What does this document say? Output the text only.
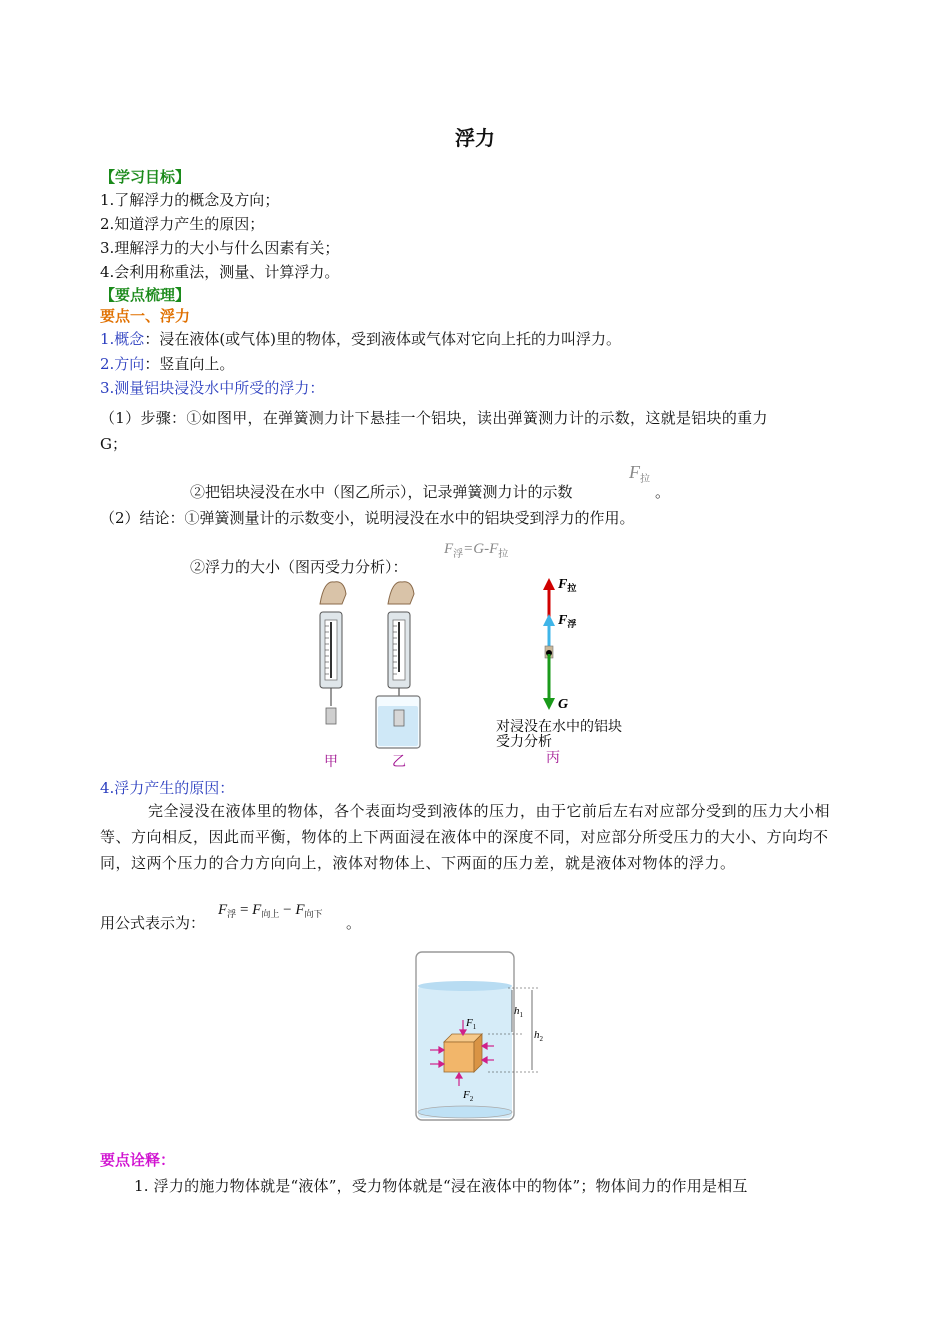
浮力
【学习目标】
1.了解浮力的概念及方向；
2.知道浮力产生的原因；
3.理解浮力的大小与什么因素有关；
4.会利用称重法，测量、计算浮力。
【要点梳理】
要点一、浮力
1.概念：浸在液体(或气体)里的物体，受到液体或气体对它向上托的力叫浮力。
2.方向：竖直向上。
3.测量铝块浸没水中所受的浮力：
（1）步骤：①如图甲，在弹簧测力计下悬挂一个铝块，读出弹簧测力计的示数，这就是铝块的重力
G；
②把铝块浸没在水中（图乙所示），记录弹簧测力计的示数
$F_拉$
。
（2）结论：①弹簧测量计的示数变小，说明浸没在水中的铝块受到浮力的作用。
②浮力的大小（图丙受力分析）：
$F_浮=G-F_拉$
$F_拉$
$F_浮$
G
对浸没在水中的铝块
受力分析
甲	乙	丙
4.浮力产生的原因：
完全浸没在液体里的物体，各个表面均受到液体的压力，由于它前后左右对应部分受到的压力大小相等、方向相反，因此而平衡，物体的上下两面浸在液体中的深度不同，对应部分所受压力的大小、方向均不同，这两个压力的合力方向向上，液体对物体上、下两面的压力差，就是液体对物体的浮力。
用公式表示为：
$F_浮 = F_{向上} - F_{向下}$ 。
$F_1$
$F_2$
$h_1$
$h_2$
要点诠释：
1. 浮力的施力物体就是“液体”，受力物体就是“浸在液体中的物体”；物体间力的作用是相互
